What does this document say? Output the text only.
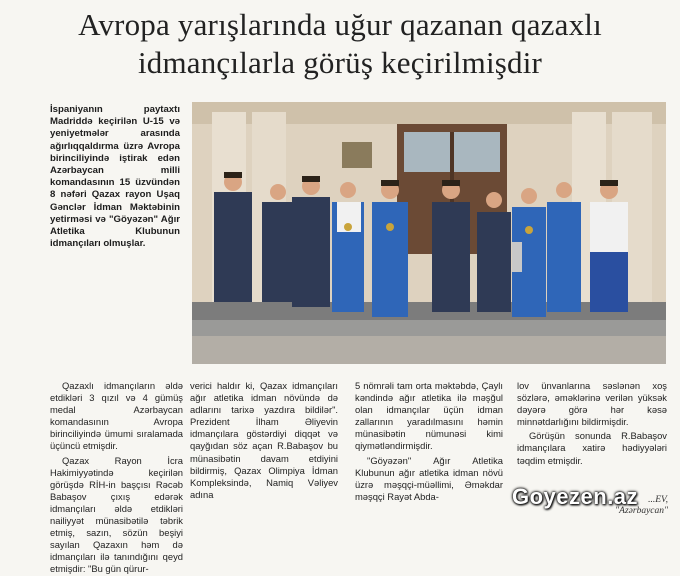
Avropa yarışlarında uğur qazanan qazaxlı
idmançılarla görüş keçirilmişdir
İspaniyanın paytaxtı Madriddə keçirilən U-15 və yeniyetmələr arasında ağırlıqqaldırma üzrə Avropa birinciliyində iştirak edən Azərbaycan milli komandasının 15 üzvündən 8 nəfəri Qazax rayon Uşaq Gənclər İdman Məktəbinin yetirməsi və "Göyəzən" Ağır Atletika Klubunun idmançıları olmuşlar.

Qazaxlı idmançıların əldə etdikləri 3 qızıl və 4 gümüş medal Azərbaycan komandasının Avropa birinciliyində ümumi sıralamada üçüncü etmişdir.

Qazax Rayon İcra Hakimiyyətində keçirilən görüşdə RİH-in başçısı Rəcəb Babaşov çıxış edərək idmançıları əldə etdikləri nailiyyət münasibətilə təbrik etmiş, sazın, sözün beşiyi sayılan Qazaxın həm də idmançıları ilə tanındığını qeyd etmişdir: "Bu gün qürur-

verici haldır ki, Qazax idmançıları ağır atletika idman növündə də adlarını tarixə yazdıra bildilər". Prezident İlham Əliyevin idmançılara göstərdiyi diqqət və qayğıdan söz açan R.Babaşov bu münasibətin davam etdiyini bildirmiş, Qazax Olimpiya İdman Kompleksində, Namiq Vəliyev adına

5 nömrəli tam orta məktəbdə, Çaylı kəndində ağır atletika ilə məşğul olan idmançılar üçün idman zallarının yaradılmasını həmin münasibətin nümunəsi kimi qiymətləndirmişdir.

"Göyəzən" Ağır Atletika Klubunun ağır atletika idman növü üzrə məşqçi-müəllimi, Əməkdar məşqçi Rayət Abda-

lov ünvanlarına səslənən xoş sözlərə, əməklərinə verilən yüksək dəyərə görə hər kəsə minnətdarlığını bildirmişdir.

Görüşün sonunda R.Babaşov idmançılara xatirə hədiyyələri təqdim etmişdir.

...EV,
"Azərbaycan"
Goyezen.az
